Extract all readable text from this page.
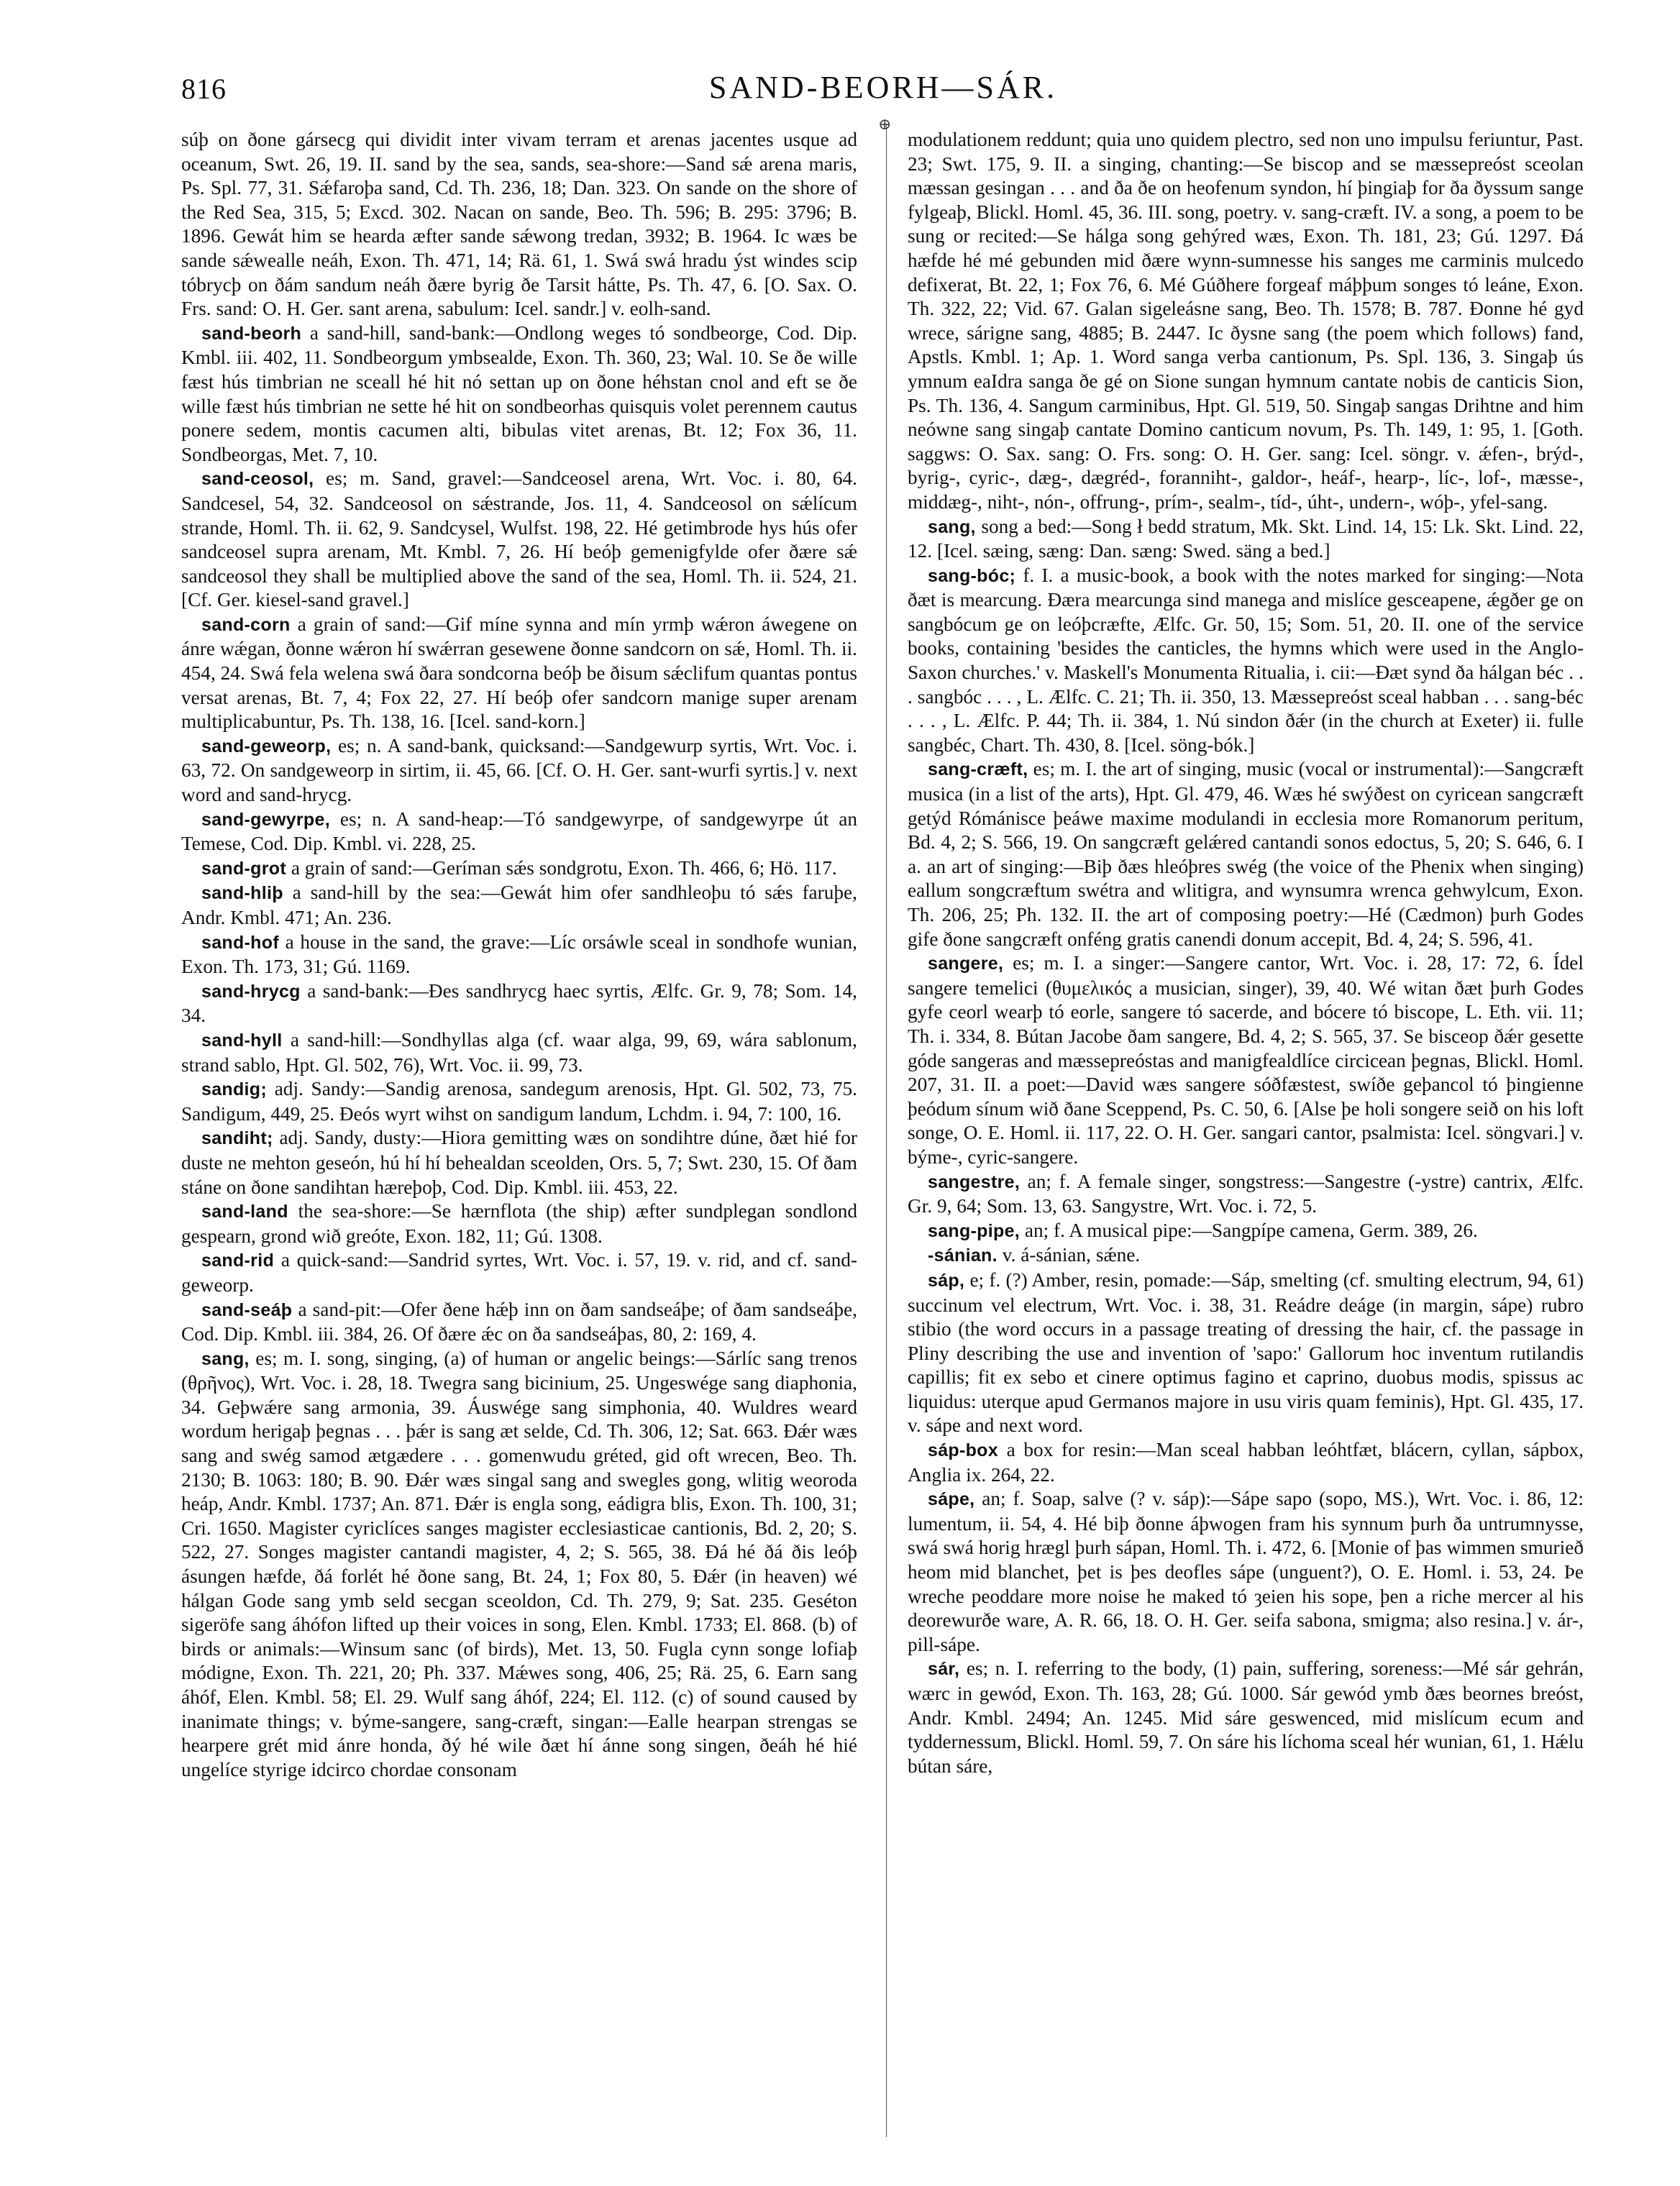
816	SAND-BEORH—SÁR.
⊕

súþ on ðone gársecg qui dividit inter vivam terram et arenas jacentes usque ad oceanum, Swt. 26, 19. II. sand by the sea, sands, sea-shore:—Sand sǽ arena maris, Ps. Spl. 77, 31. Sǽfaroþa sand, Cd. Th. 236, 18; Dan. 323. On sande on the shore of the Red Sea, 315, 5; Excd. 302. Nacan on sande, Beo. Th. 596; B. 295: 3796; B. 1896. Gewát him se hearda æfter sande sǽwong tredan, 3932; B. 1964. Ic wæs be sande sǽwealle neáh, Exon. Th. 471, 14; Rä. 61, 1. Swá swá hradu ýst windes scip tóbrycþ on ðám sandum neáh ðære byrig ðe Tarsit hátte, Ps. Th. 47, 6. [O. Sax. O. Frs. sand: O. H. Ger. sant arena, sabulum: Icel. sandr.] v. eolh-sand.

sand-beorh a sand-hill, sand-bank:—Ondlong weges tó sondbeorge, Cod. Dip. Kmbl. iii. 402, 11. Sondbeorgum ymbsealde, Exon. Th. 360, 23; Wal. 10. Se ðe wille fæst hús timbrian ne sceall hé hit nó settan up on ðone héhstan cnol and eft se ðe wille fæst hús timbrian ne sette hé hit on sondbeorhas quisquis volet perennem cautus ponere sedem, montis cacumen alti, bibulas vitet arenas, Bt. 12; Fox 36, 11. Sondbeorgas, Met. 7, 10.

sand-ceosol, es; m. Sand, gravel:—Sandceosel arena, Wrt. Voc. i. 80, 64. Sandcesel, 54, 32. Sandceosol on sǽstrande, Jos. 11, 4. Sandceosol on sǽlícum strande, Homl. Th. ii. 62, 9. Sandcysel, Wulfst. 198, 22. Hé getimbrode hys hús ofer sandceosel supra arenam, Mt. Kmbl. 7, 26. Hí beóþ gemenigfylde ofer ðære sǽ sandceosol they shall be multiplied above the sand of the sea, Homl. Th. ii. 524, 21. [Cf. Ger. kiesel-sand gravel.]

sand-corn a grain of sand:—Gif míne synna and mín yrmþ wǽron áwegene on ánre wǽgan, ðonne wǽron hí swǽrran gesewene ðonne sandcorn on sǽ, Homl. Th. ii. 454, 24. Swá fela welena swá ðara sondcorna beóþ be ðisum sǽclifum quantas pontus versat arenas, Bt. 7, 4; Fox 22, 27. Hí beóþ ofer sandcorn manige super arenam multiplicabuntur, Ps. Th. 138, 16. [Icel. sand-korn.]

sand-geweorp, es; n. A sand-bank, quicksand:—Sandgewurp syrtis, Wrt. Voc. i. 63, 72. On sandgeweorp in sirtim, ii. 45, 66. [Cf. O. H. Ger. sant-wurfi syrtis.] v. next word and sand-hrycg.

sand-gewyrpe, es; n. A sand-heap:—Tó sandgewyrpe, of sandgewyrpe út an Temese, Cod. Dip. Kmbl. vi. 228, 25.

sand-grot a grain of sand:—Geríman sǽs sondgrotu, Exon. Th. 466, 6; Hö. 117.

sand-hliþ a sand-hill by the sea:—Gewát him ofer sandhleoþu tó sǽs faruþe, Andr. Kmbl. 471; An. 236.

sand-hof a house in the sand, the grave:—Líc orsáwle sceal in sondhofe wunian, Exon. Th. 173, 31; Gú. 1169.

sand-hrycg a sand-bank:—Ðes sandhrycg haec syrtis, Ælfc. Gr. 9, 78; Som. 14, 34.

sand-hyll a sand-hill:—Sondhyllas alga (cf. waar alga, 99, 69, wára sablonum, strand sablo, Hpt. Gl. 502, 76), Wrt. Voc. ii. 99, 73.

sandig; adj. Sandy:—Sandig arenosa, sandegum arenosis, Hpt. Gl. 502, 73, 75. Sandigum, 449, 25. Ðeós wyrt wihst on sandigum landum, Lchdm. i. 94, 7: 100, 16.

sandiht; adj. Sandy, dusty:—Hiora gemitting wæs on sondihtre dúne, ðæt hié for duste ne mehton geseón, hú hí hí behealdan sceolden, Ors. 5, 7; Swt. 230, 15. Of ðam stáne on ðone sandihtan hæreþoþ, Cod. Dip. Kmbl. iii. 453, 22.

sand-land the sea-shore:—Se hærnflota (the ship) æfter sundplegan sondlond gespearn, grond wið greóte, Exon. 182, 11; Gú. 1308.

sand-rid a quick-sand:—Sandrid syrtes, Wrt. Voc. i. 57, 19. v. rid, and cf. sand-geweorp.

sand-seáþ a sand-pit:—Ofer ðene hǽþ inn on ðam sandseáþe; of ðam sandseáþe, Cod. Dip. Kmbl. iii. 384, 26. Of ðære ǽc on ða sandseáþas, 80, 2: 169, 4.

sang, es; m. I. song, singing, (a) of human or angelic beings:—Sárlíc sang trenos (θρῆνος), Wrt. Voc. i. 28, 18. Twegra sang bicinium, 25. Ungeswége sang diaphonia, 34. Geþwǽre sang armonia, 39. Áuswége sang simphonia, 40. Wuldres weard wordum herigaþ þegnas . . . þǽr is sang æt selde, Cd. Th. 306, 12; Sat. 663. Ðǽr wæs sang and swég samod ætgædere . . . gomenwudu gréted, gid oft wrecen, Beo. Th. 2130; B. 1063: 180; B. 90. Ðǽr wæs singal sang and swegles gong, wlitig weoroda heáp, Andr. Kmbl. 1737; An. 871. Ðǽr is engla song, eádigra blis, Exon. Th. 100, 31; Cri. 1650. Magister cyriclíces sanges magister ecclesiasticae cantionis, Bd. 2, 20; S. 522, 27. Songes magister cantandi magister, 4, 2; S. 565, 38. Ðá hé ðá ðis leóþ ásungen hæfde, ðá forlét hé ðone sang, Bt. 24, 1; Fox 80, 5. Ðǽr (in heaven) wé hálgan Gode sang ymb seld secgan sceoldon, Cd. Th. 279, 9; Sat. 235. Geséton sigeröfe sang áhófon lifted up their voices in song, Elen. Kmbl. 1733; El. 868. (b) of birds or animals:—Winsum sanc (of birds), Met. 13, 50. Fugla cynn songe lofiaþ módigne, Exon. Th. 221, 20; Ph. 337. Mǽwes song, 406, 25; Rä. 25, 6. Earn sang áhóf, Elen. Kmbl. 58; El. 29. Wulf sang áhóf, 224; El. 112. (c) of sound caused by inanimate things; v. býme-sangere, sang-cræft, singan:—Ealle hearpan strengas se hearpere grét mid ánre honda, ðý hé wile ðæt hí ánne song singen, ðeáh hé hié ungelíce styrige idcirco chordae consonam

modulationem reddunt; quia uno quidem plectro, sed non uno impulsu feriuntur, Past. 23; Swt. 175, 9. II. a singing, chanting:—Se biscop and se mæssepreóst sceolan mæssan gesingan . . . and ða ðe on heofenum syndon, hí þingiaþ for ða ðyssum sange fylgeaþ, Blickl. Homl. 45, 36. III. song, poetry. v. sang-cræft. IV. a song, a poem to be sung or recited:—Se hálga song gehýred wæs, Exon. Th. 181, 23; Gú. 1297. Ðá hæfde hé mé gebunden mid ðære wynn-sumnesse his sanges me carminis mulcedo defixerat, Bt. 22, 1; Fox 76, 6. Mé Gúðhere forgeaf máþþum songes tó leáne, Exon. Th. 322, 22; Vid. 67. Galan sigeleásne sang, Beo. Th. 1578; B. 787. Ðonne hé gyd wrece, sárigne sang, 4885; B. 2447. Ic ðysne sang (the poem which follows) fand, Apstls. Kmbl. 1; Ap. 1. Word sanga verba cantionum, Ps. Spl. 136, 3. Singaþ ús ymnum eaIdra sanga ðe gé on Sione sungan hymnum cantate nobis de canticis Sion, Ps. Th. 136, 4. Sangum carminibus, Hpt. Gl. 519, 50. Singaþ sangas Drihtne and him neówne sang singaþ cantate Domino canticum novum, Ps. Th. 149, 1: 95, 1. [Goth. saggws: O. Sax. sang: O. Frs. song: O. H. Ger. sang: Icel. söngr. v. ǽfen-, brýd-, byrig-, cyric-, dæg-, dægréd-, foranniht-, galdor-, heáf-, hearp-, líc-, lof-, mæsse-, middæg-, niht-, nón-, offrung-, prím-, sealm-, tíd-, úht-, undern-, wóþ-, yfel-sang.

sang, song a bed:—Song ł bedd stratum, Mk. Skt. Lind. 14, 15: Lk. Skt. Lind. 22, 12. [Icel. sæing, sæng: Dan. sæng: Swed. säng a bed.]

sang-bóc; f. I. a music-book, a book with the notes marked for singing:—Nota ðæt is mearcung. Ðæra mearcunga sind manega and mislíce gesceapene, ǽgðer ge on sangbócum ge on leóþcræfte, Ælfc. Gr. 50, 15; Som. 51, 20. II. one of the service books, containing 'besides the canticles, the hymns which were used in the Anglo-Saxon churches.' v. Maskell's Monumenta Ritualia, i. cii:—Ðæt synd ða hálgan béc . . . sangbóc . . . , L. Ælfc. C. 21; Th. ii. 350, 13. Mæssepreóst sceal habban . . . sang-béc . . . , L. Ælfc. P. 44; Th. ii. 384, 1. Nú sindon ðǽr (in the church at Exeter) ii. fulle sangbéc, Chart. Th. 430, 8. [Icel. söng-bók.]

sang-cræft, es; m. I. the art of singing, music (vocal or instrumental):—Sangcræft musica (in a list of the arts), Hpt. Gl. 479, 46. Wæs hé swýðest on cyricean sangcræft getýd Rómánisce þeáwe maxime modulandi in ecclesia more Romanorum peritum, Bd. 4, 2; S. 566, 19. On sangcræft gelǽred cantandi sonos edoctus, 5, 20; S. 646, 6. I a. an art of singing:—Biþ ðæs hleóþres swég (the voice of the Phenix when singing) eallum songcræftum swétra and wlitigra, and wynsumra wrenca gehwylcum, Exon. Th. 206, 25; Ph. 132. II. the art of composing poetry:—Hé (Cædmon) þurh Godes gife ðone sangcræft onféng gratis canendi donum accepit, Bd. 4, 24; S. 596, 41.

sangere, es; m. I. a singer:—Sangere cantor, Wrt. Voc. i. 28, 17: 72, 6. Ídel sangere temelici (θυμελικός a musician, singer), 39, 40. Wé witan ðæt þurh Godes gyfe ceorl wearþ tó eorle, sangere tó sacerde, and bócere tó biscope, L. Eth. vii. 11; Th. i. 334, 8. Bútan Jacobe ðam sangere, Bd. 4, 2; S. 565, 37. Se bisceop ðǽr gesette góde sangeras and mæssepreóstas and manigfealdlíce circicean þegnas, Blickl. Homl. 207, 31. II. a poet:—David wæs sangere sóðfæstest, swíðe geþancol tó þingienne þeódum sínum wið ðane Sceppend, Ps. C. 50, 6. [Alse þe holi songere seið on his loft songe, O. E. Homl. ii. 117, 22. O. H. Ger. sangari cantor, psalmista: Icel. söngvari.] v. býme-, cyric-sangere.

sangestre, an; f. A female singer, songstress:—Sangestre (-ystre) cantrix, Ælfc. Gr. 9, 64; Som. 13, 63. Sangystre, Wrt. Voc. i. 72, 5.

sang-pipe, an; f. A musical pipe:—Sangpípe camena, Germ. 389, 26.

-sánian. v. á-sánian, sǽne.

sáp, e; f. (?) Amber, resin, pomade:—Sáp, smelting (cf. smulting electrum, 94, 61) succinum vel electrum, Wrt. Voc. i. 38, 31. Reádre deáge (in margin, sápe) rubro stibio (the word occurs in a passage treating of dressing the hair, cf. the passage in Pliny describing the use and invention of 'sapo:' Gallorum hoc inventum rutilandis capillis; fit ex sebo et cinere optimus fagino et caprino, duobus modis, spissus ac liquidus: uterque apud Germanos majore in usu viris quam feminis), Hpt. Gl. 435, 17. v. sápe and next word.

sáp-box a box for resin:—Man sceal habban leóhtfæt, blácern, cyllan, sápbox, Anglia ix. 264, 22.

sápe, an; f. Soap, salve (? v. sáp):—Sápe sapo (sopo, MS.), Wrt. Voc. i. 86, 12: lumentum, ii. 54, 4. Hé biþ ðonne áþwogen fram his synnum þurh ða untrumnysse, swá swá horig hrægl þurh sápan, Homl. Th. i. 472, 6. [Monie of þas wimmen smurieð heom mid blanchet, þet is þes deofles sápe (unguent?), O. E. Homl. i. 53, 24. Þe wreche peoddare more noise he maked tó ȝeien his sope, þen a riche mercer al his deorewurðe ware, A. R. 66, 18. O. H. Ger. seifa sabona, smigma; also resina.] v. ár-, pill-sápe.

sár, es; n. I. referring to the body, (1) pain, suffering, soreness:—Mé sár gehrán, wærc in gewód, Exon. Th. 163, 28; Gú. 1000. Sár gewód ymb ðæs beornes breóst, Andr. Kmbl. 2494; An. 1245. Mid sáre geswenced, mid mislícum ecum and tyddernessum, Blickl. Homl. 59, 7. On sáre his líchoma sceal hér wunian, 61, 1. Hǽlu bútan sáre,
